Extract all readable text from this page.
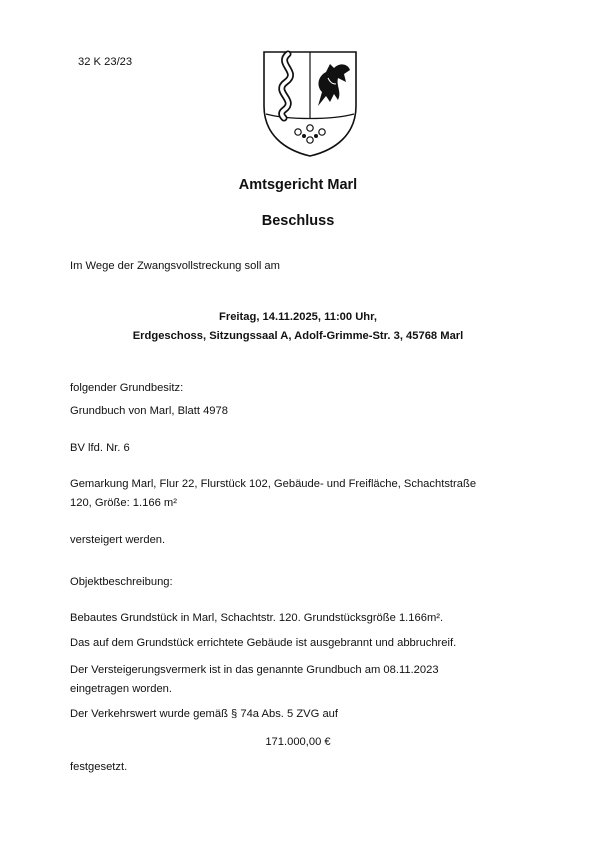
32 K 23/23
Amtsgericht Marl
Beschluss
Im Wege der Zwangsvollstreckung soll am
Freitag, 14.11.2025, 11:00 Uhr,
Erdgeschoss, Sitzungssaal A, Adolf-Grimme-Str. 3, 45768 Marl
folgender Grundbesitz:
Grundbuch von Marl, Blatt 4978
BV lfd. Nr. 6
Gemarkung Marl, Flur 22, Flurstück 102, Gebäude- und Freifläche, Schachtstraße
120, Größe: 1.166 m²
versteigert werden.
Objektbeschreibung:
Bebautes Grundstück in Marl, Schachtstr. 120. Grundstücksgröße 1.166m².
Das auf dem Grundstück errichtete Gebäude ist ausgebrannt und abbruchreif.
Der Versteigerungsvermerk ist in das genannte Grundbuch am 08.11.2023
eingetragen worden.
Der Verkehrswert wurde gemäß § 74a Abs. 5 ZVG auf
171.000,00 €
festgesetzt.
